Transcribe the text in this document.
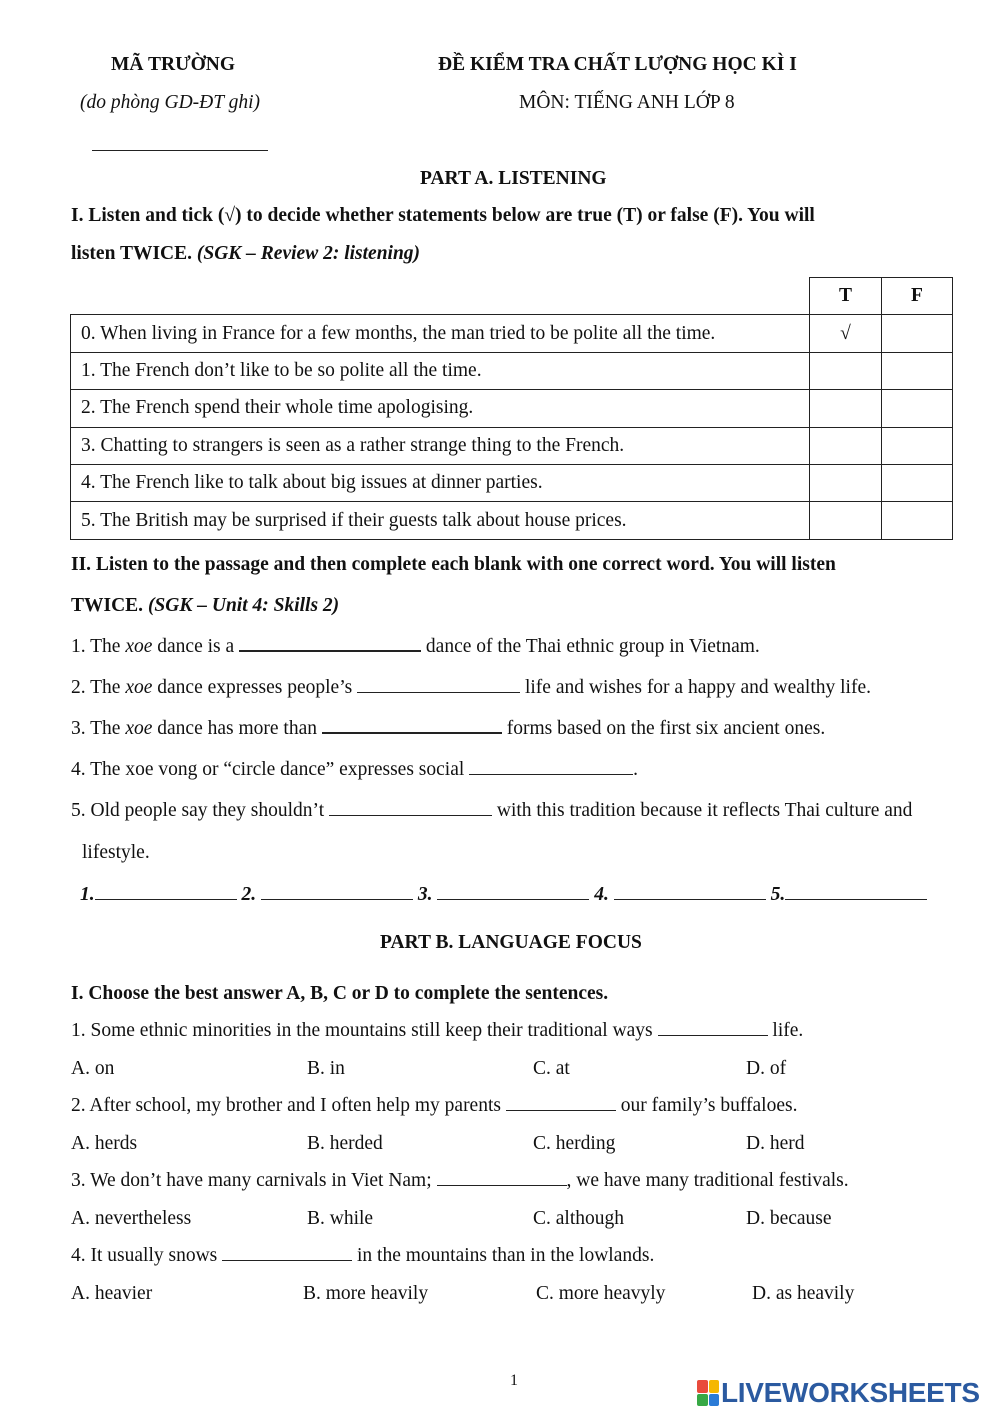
MÃ TRƯỜNG
(do phòng GD-ĐT ghi)
ĐỀ KIỂM TRA CHẤT LƯỢNG HỌC KÌ I
MÔN: TIẾNG ANH LỚP 8
PART A. LISTENING
I. Listen and tick (√) to decide whether statements below are true (T) or false (F). You will
listen TWICE. (SGK – Review 2: listening)
	T	F
0. When living in France for a few months, the man tried to be polite all the time.	√	
1. The French don’t like to be so polite all the time.		
2. The French spend their whole time apologising.		
3. Chatting to strangers is seen as a rather strange thing to the French.		
4. The French like to talk about big issues at dinner parties.		
5. The British may be surprised if their guests talk about house prices.		
II. Listen to the passage and then complete each blank with one correct word. You will listen
TWICE. (SGK – Unit 4: Skills 2)
1. The xoe dance is a	dance of the Thai ethnic group in Vietnam.
2. The xoe dance expresses people’s	life and wishes for a happy and wealthy life.
3. The xoe dance has more than	forms based on the first six ancient ones.
4. The xoe vong or “circle dance” expresses social	.
5. Old people say they shouldn’t	with this tradition because it reflects Thai culture and
lifestyle.
1.	2.	3.	4.	5.
PART B. LANGUAGE FOCUS
I. Choose the best answer A, B, C or D to complete the sentences.
1. Some ethnic minorities in the mountains still keep their traditional ways	life.
A. on	B. in	C. at	D. of
2. After school, my brother and I often help my parents	our family’s buffaloes.
A. herds	B. herded	C. herding	D. herd
3. We don’t have many carnivals in Viet Nam;	, we have many traditional festivals.
A. nevertheless	B. while	C. although	D. because
4. It usually snows	in the mountains than in the lowlands.
A. heavier	B. more heavily	C. more heavyly	D. as heavily
1	LIVEWORKSHEETS
